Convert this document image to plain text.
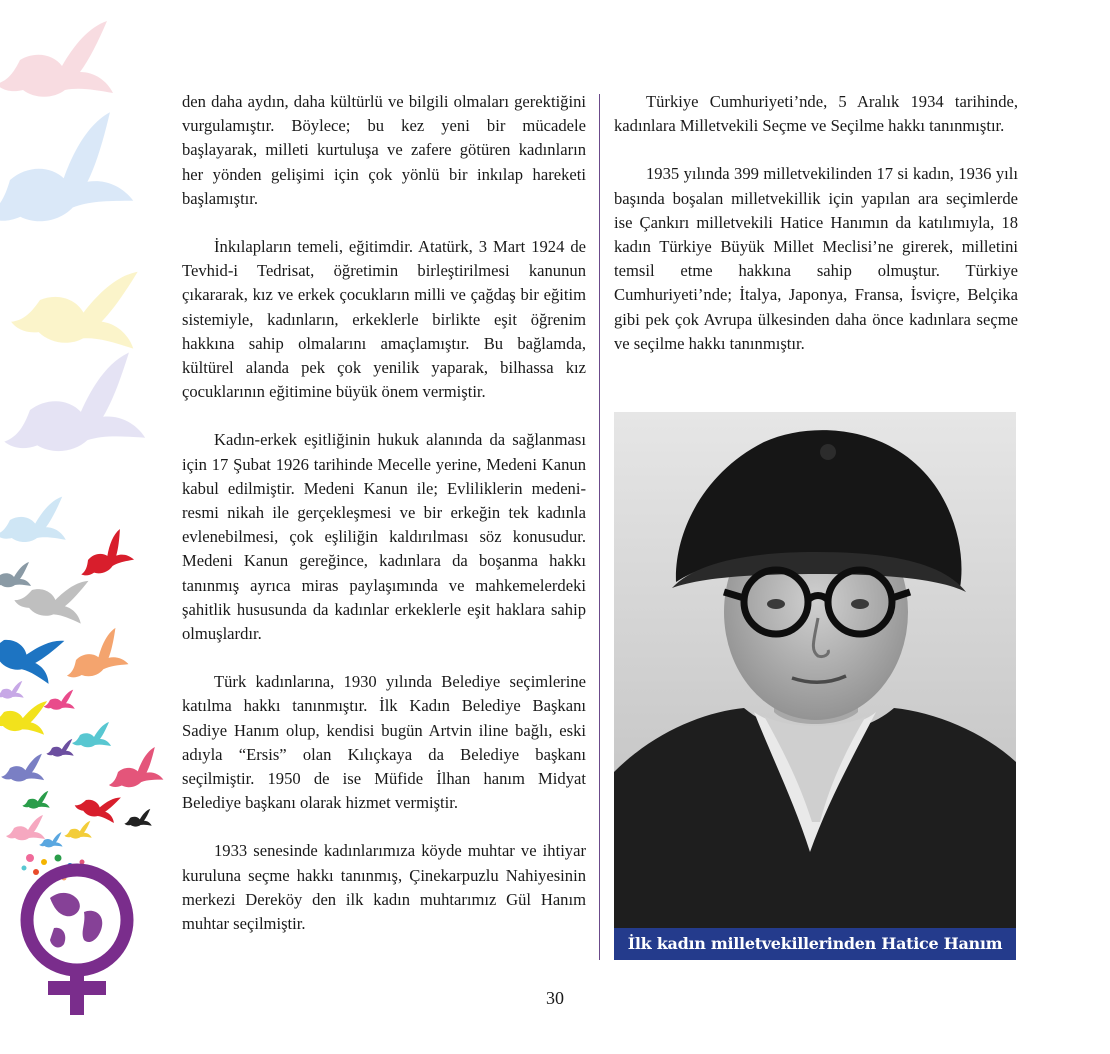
den daha aydın, daha kültürlü ve bilgili olmaları gerektiğini vurgulamıştır. Böylece; bu kez yeni bir mücadele başlayarak, milleti kurtuluşa ve zafere götüren kadınların her yönden gelişimi için çok yönlü bir inkılap hareketi başlamıştır.

İnkılapların temeli, eğitimdir. Atatürk, 3 Mart 1924 de Tevhid-i Tedrisat, öğretimin birleştirilmesi kanunun çıkararak, kız ve erkek çocukların milli ve çağdaş bir eğitim sistemiyle, kadınların, erkeklerle birlikte eşit öğrenim hakkına sahip olmalarını amaçlamıştır. Bu bağlamda, kültürel alanda pek çok yenilik yaparak, bilhassa kız çocuklarının eğitimine büyük önem vermiştir.

Kadın-erkek eşitliğinin hukuk alanında da sağlanması için 17 Şubat 1926 tarihinde Mecelle yerine, Medeni Kanun kabul edilmiştir. Medeni Kanun ile; Evliliklerin medeni- resmi nikah ile gerçekleşmesi ve bir erkeğin tek kadınla evlenebilmesi, çok eşliliğin kaldırılması söz konusudur. Medeni Kanun gereğince, kadınlara da boşanma hakkı tanınmış ayrıca miras paylaşımında ve mahkemelerdeki şahitlik hususunda da kadınlar erkeklerle eşit haklara sahip olmuşlardır.

Türk kadınlarına, 1930 yılında Belediye seçimlerine katılma hakkı tanınmıştır. İlk Kadın Belediye Başkanı Sadiye Hanım olup, kendisi bugün Artvin iline bağlı, eski adıyla “Ersis” olan Kılıçkaya da Belediye başkanı seçilmiştir. 1950 de ise Müfide İlhan hanım Midyat Belediye başkanı olarak hizmet vermiştir.

1933 senesinde kadınlarımıza köyde muhtar ve ihtiyar kuruluna seçme hakkı tanınmış, Çinekarpuzlu Nahiyesinin merkezi Dereköy den ilk kadın muhtarımız Gül Hanım muhtar seçilmiştir.

Türkiye Cumhuriyeti’nde, 5 Aralık 1934 tarihinde, kadınlara Milletvekili Seçme ve Seçilme hakkı tanınmıştır.

1935 yılında 399 milletvekilinden 17 si kadın, 1936 yılı başında boşalan milletvekillik için yapılan ara seçimlerde ise Çankırı milletvekili Hatice Hanımın da katılımıyla, 18 kadın Türkiye Büyük Millet Meclisi’ne girerek, milletini temsil etme hakkına sahip olmuştur. Türkiye Cumhuriyeti’nde; İtalya, Japonya, Fransa, İsviçre, Belçika gibi pek çok Avrupa ülkesinden daha önce kadınlara seçme ve seçilme hakkı tanınmıştır.

İlk kadın milletvekillerinden Hatice Hanım
30
